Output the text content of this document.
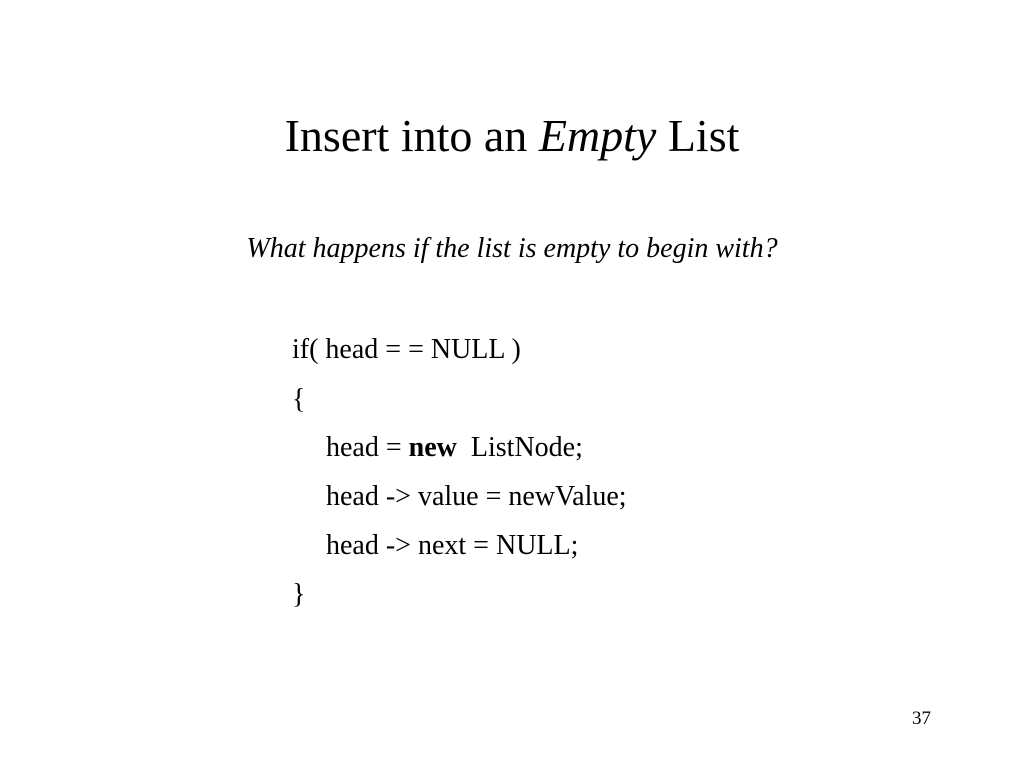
Insert into an Empty List
What happens if the list is empty to begin with?
if( head = = NULL )
{
head = new  ListNode;
head -> value = newValue;
head -> next = NULL;
}
37
